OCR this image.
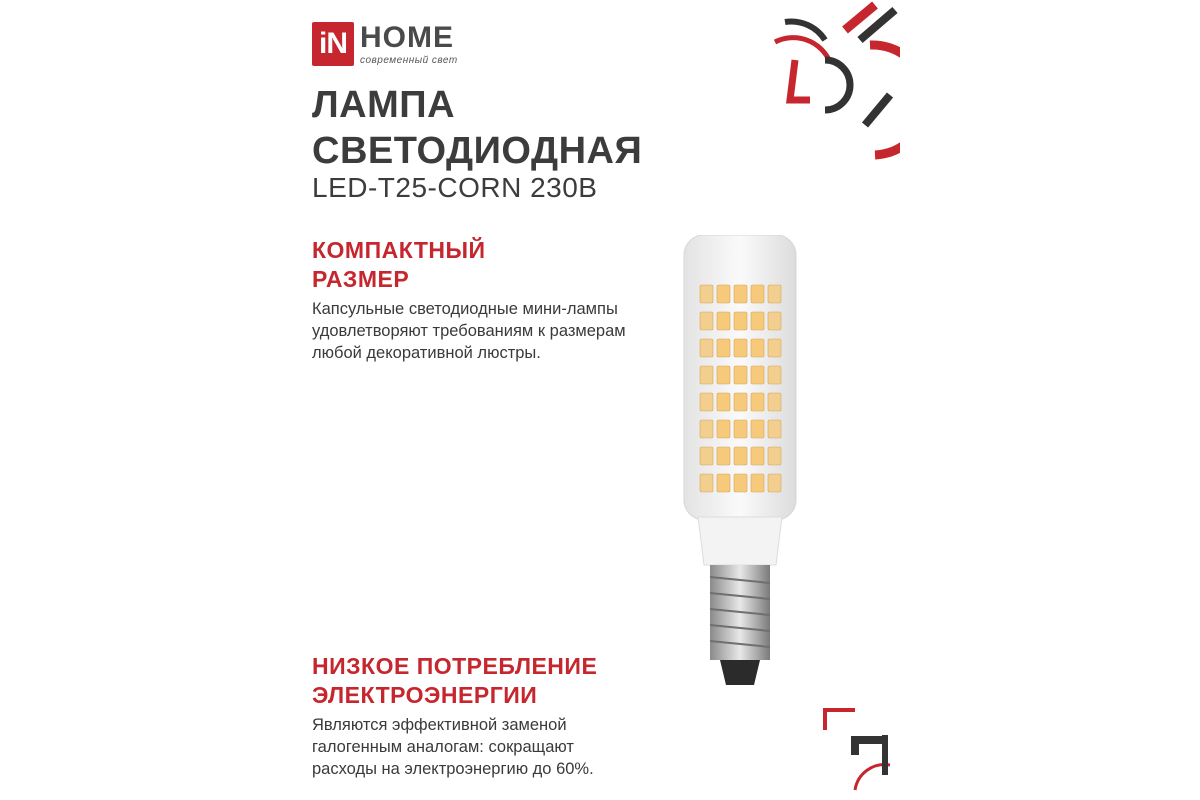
iN HOME
современный свет
ЛАМПА
СВЕТОДИОДНАЯ
LED-T25-CORN 230В
КОМПАКТНЫЙ
РАЗМЕР
Капсульные светодиодные мини-лампы
удовлетворяют требованиям к размерам
любой декоративной люстры.
НИЗКОЕ ПОТРЕБЛЕНИЕ
ЭЛЕКТРОЭНЕРГИИ
Являются эффективной заменой
галогенным аналогам: сокращают
расходы на электроэнергию до 60%.
